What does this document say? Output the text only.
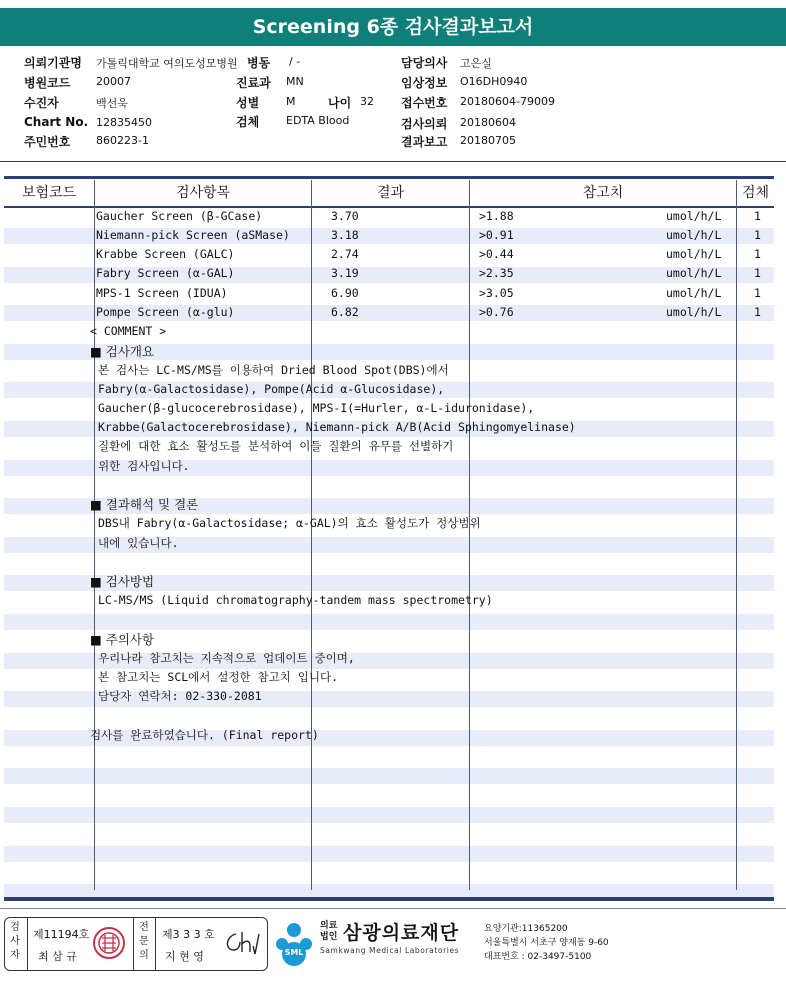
Screening 6종 검사결과보고서
의뢰기관명 가톨릭대학교 여의도성모병원
병원코드 20007
수진자	백선욱
Chart No. 12835450
주민번호 860223-1
병동 / -
진료과 MN
성별 M	나이 32
검체 EDTA Blood
담당의사 고은실
임상정보 O16DH0940
접수번호 20180604-79009
검사의뢰 20180604
결과보고 20180705
보험코드	검사항목	결과	참고치	검체
Gaucher Screen (β-GCase)	3.70	>1.88	umol/h/L	1
Niemann-pick Screen (aSMase)	3.18	>0.91	umol/h/L	1
Krabbe Screen (GALC)	2.74	>0.44	umol/h/L	1
Fabry Screen (α-GAL)	3.19	>2.35	umol/h/L	1
MPS-1 Screen (IDUA)	6.90	>3.05	umol/h/L	1
Pompe Screen (α-glu)	6.82	>0.76	umol/h/L	1
< COMMENT >
■ 검사개요
본 검사는 LC-MS/MS를 이용하여 Dried Blood Spot(DBS)에서
Fabry(α-Galactosidase), Pompe(Acid α-Glucosidase),
Gaucher(β-glucocerebrosidase), MPS-I(=Hurler, α-L-iduronidase),
Krabbe(Galactocerebrosidase), Niemann-pick A/B(Acid Sphingomyelinase)
질환에 대한 효소 활성도를 분석하여 이들 질환의 유무를 선별하기
위한 검사입니다.
■ 결과해석 및 결론
DBS내 Fabry(α-Galactosidase; α-GAL)의 효소 활성도가 정상범위
내에 있습니다.
■ 검사방법
LC-MS/MS (Liquid chromatography-tandem mass spectrometry)
■ 주의사항
우리나라 참고치는 지속적으로 업데이트 중이며,
본 참고치는 SCL에서 설정한 참고치 입니다.
담당자 연락처: 02-330-2081
검사를 완료하였습니다. (Final report)
검사자
제11194호
최 삼 규
전문의
제3 3 3 호
지 현 영	SML
의료법인 삼광의료재단
Samkwang Medical Laboratories
요양기관:11365200
서울특별시 서초구 양재동 9-60
대표번호 : 02-3497-5100
